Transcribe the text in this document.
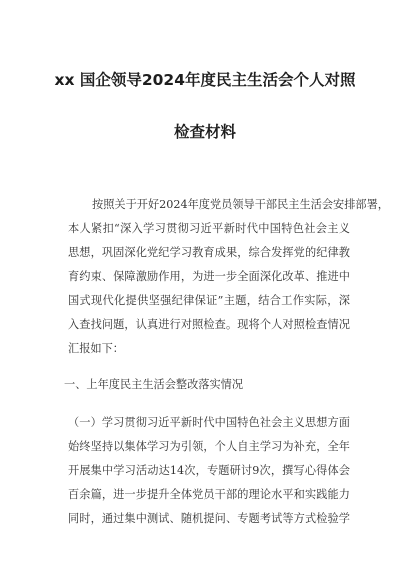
xx 国企领导2024年度民主生活会个人对照
检查材料
按照关于开好2024年度党员领导干部民主生活会安排部署，
本人紧扣“深入学习贯彻习近平新时代中国特色社会主义
思想，巩固深化党纪学习教育成果，综合发挥党的纪律教
育约束、保障激励作用，为进一步全面深化改革、推进中
国式现代化提供坚强纪律保证”主题，结合工作实际，深
入查找问题，认真进行对照检查。现将个人对照检查情况
汇报如下：
一、上年度民主生活会整改落实情况
（一）学习贯彻习近平新时代中国特色社会主义思想方面
始终坚持以集体学习为引领，个人自主学习为补充，全年
开展集中学习活动达14次，专题研讨9次，撰写心得体会
百余篇，进一步提升全体党员干部的理论水平和实践能力
同时，通过集中测试、随机提问、专题考试等方式检验学
